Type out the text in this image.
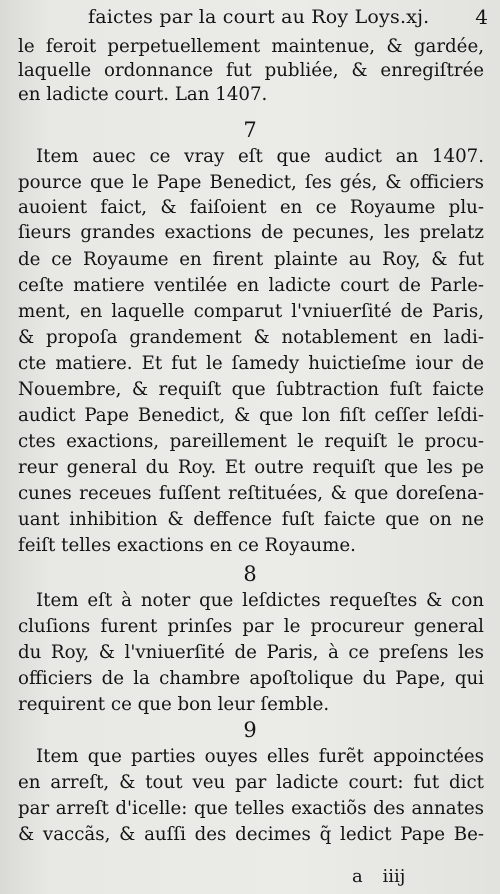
faictes par la court au Roy Loys.xj. 4
le feroit perpetuellement maintenue, & gardée,
laquelle ordonnance fut publiée, & enregiſtrée
en ladicte court. Lan 1407.
7
Item auec ce vray eſt que audict an 1407.
pource que le Pape Benedict, ſes gés, & officiers
auoient faict, & faiſoient en ce Royaume plu-
ſieurs grandes exactions de pecunes, les prelatz
de ce Royaume en firent plainte au Roy, & fut
ceſte matiere ventilée en ladicte court de Parle-
ment, en laquelle comparut l'vniuerſité de Paris,
& propoſa grandement & notablement en ladi-
cte matiere. Et fut le ſamedy huictieſme iour de
Nouembre, & requiſt que ſubtraction fuſt faicte
audict Pape Benedict, & que lon fiſt ceſſer leſdi-
ctes exactions, pareillement le requiſt le procu-
reur general du Roy. Et outre requiſt que les pe
cunes receues fuſſent reſtituées, & que doreſena-
uant inhibition & deffence fuſt faicte que on ne
feiſt telles exactions en ce Royaume.
8
Item eſt à noter que leſdictes requeſtes & con
cluſions furent prinſes par le procureur general
du Roy, & l'vniuerſité de Paris, à ce preſens les
officiers de la chambre apoſtolique du Pape, qui
requirent ce que bon leur ſemble.
9
Item que parties ouyes elles furẽt appoinctées
en arreſt, & tout veu par ladicte court: fut dict
par arreſt d'icelle: que telles exactiõs des annates
& vaccãs, & auſſi des decimes q̃ ledict Pape Be-
a iiij
